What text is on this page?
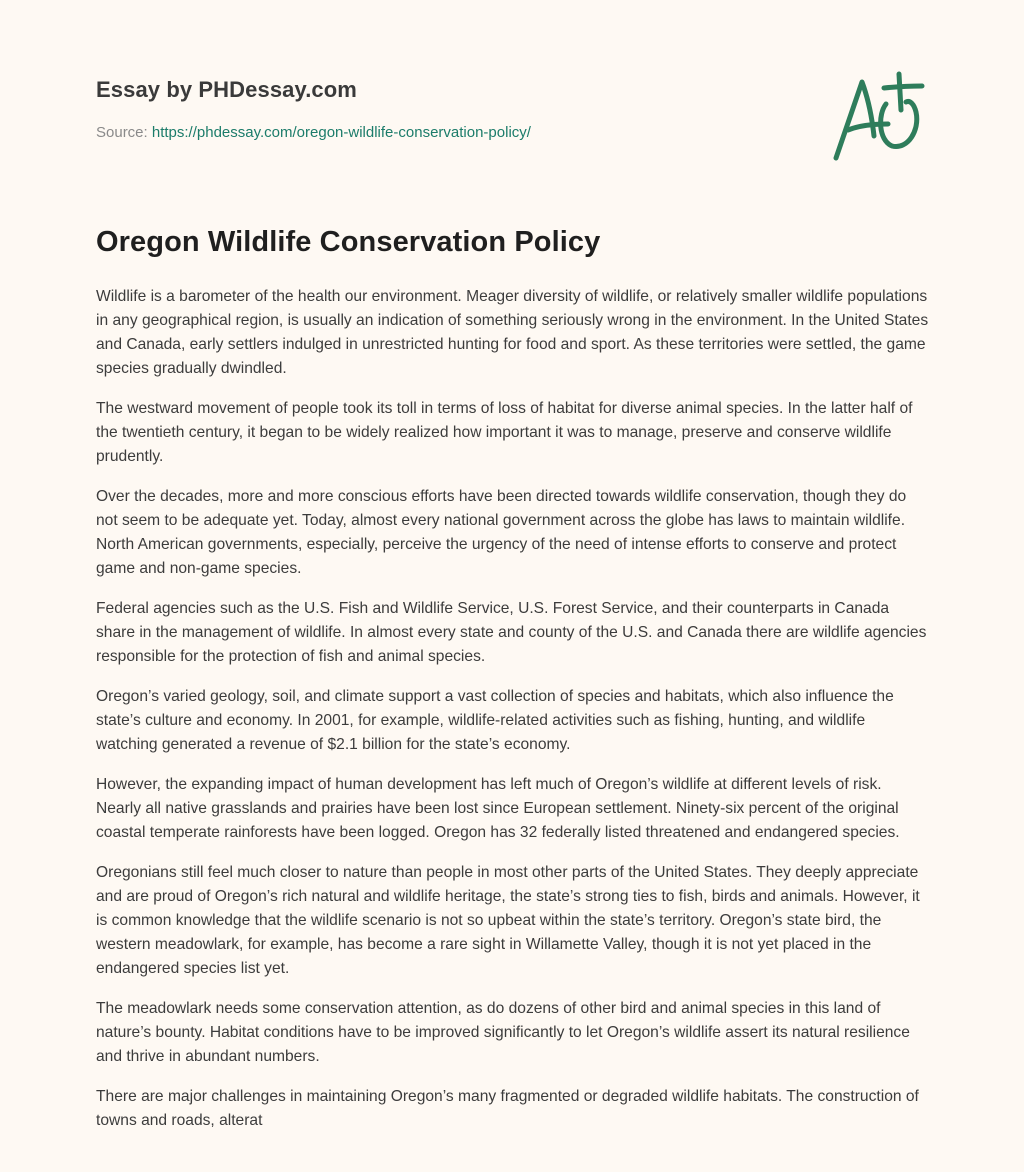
Essay by PHDessay.com
Source: https://phdessay.com/oregon-wildlife-conservation-policy/
Oregon Wildlife Conservation Policy

Wildlife is a barometer of the health our environment. Meager diversity of wildlife, or relatively smaller wildlife populations in any geographical region, is usually an indication of something seriously wrong in the environment. In the United States and Canada, early settlers indulged in unrestricted hunting for food and sport. As these territories were settled, the game species gradually dwindled.

The westward movement of people took its toll in terms of loss of habitat for diverse animal species. In the latter half of the twentieth century, it began to be widely realized how important it was to manage, preserve and conserve wildlife prudently.

Over the decades, more and more conscious efforts have been directed towards wildlife conservation, though they do not seem to be adequate yet. Today, almost every national government across the globe has laws to maintain wildlife. North American governments, especially, perceive the urgency of the need of intense efforts to conserve and protect game and non-game species.

Federal agencies such as the U.S. Fish and Wildlife Service, U.S. Forest Service, and their counterparts in Canada share in the management of wildlife. In almost every state and county of the U.S. and Canada there are wildlife agencies responsible for the protection of fish and animal species.

Oregon’s varied geology, soil, and climate support a vast collection of species and habitats, which also influence the state’s culture and economy. In 2001, for example, wildlife-related activities such as fishing, hunting, and wildlife watching generated a revenue of $2.1 billion for the state’s economy.

However, the expanding impact of human development has left much of Oregon’s wildlife at different levels of risk. Nearly all native grasslands and prairies have been lost since European settlement. Ninety-six percent of the original coastal temperate rainforests have been logged. Oregon has 32 federally listed threatened and endangered species.

Oregonians still feel much closer to nature than people in most other parts of the United States. They deeply appreciate and are proud of Oregon’s rich natural and wildlife heritage, the state’s strong ties to fish, birds and animals. However, it is common knowledge that the wildlife scenario is not so upbeat within the state’s territory. Oregon’s state bird, the western meadowlark, for example, has become a rare sight in Willamette Valley, though it is not yet placed in the endangered species list yet.

The meadowlark needs some conservation attention, as do dozens of other bird and animal species in this land of nature’s bounty. Habitat conditions have to be improved significantly to let Oregon’s wildlife assert its natural resilience and thrive in abundant numbers.

There are major challenges in maintaining Oregon’s many fragmented or degraded wildlife habitats. The construction of towns and roads, alterat
